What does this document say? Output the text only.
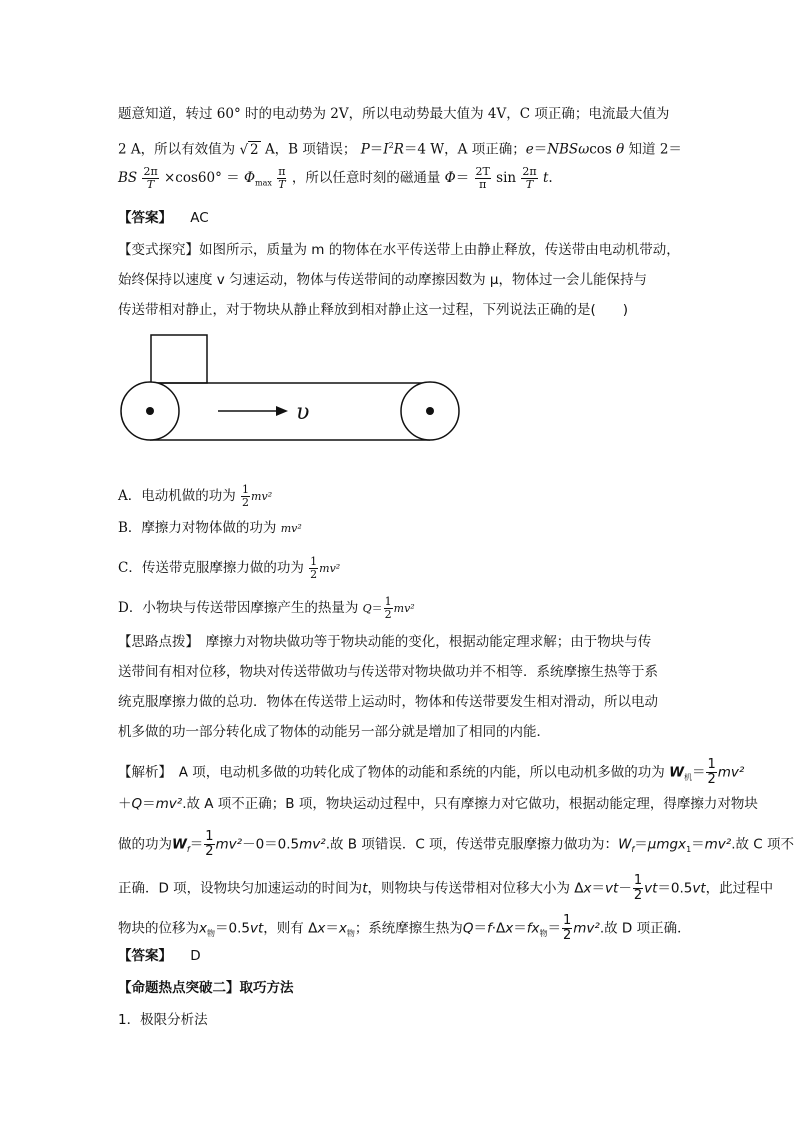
题意知道，转过 60° 时的电动势为 2V，所以电动势最大值为 4V，C 项正确；电流最大值为
2 A，所以有效值为 √ 2 A，B 项错误； $P=I^2R=4$ W，A 项正确；e＝NBSωcos θ 知道 2＝
BS $\frac{2\pi}{T} \times\cos 60^\circ = \Phi_{max} \frac{\pi}{T}$ ，所以任意时刻的磁通量 $\Phi= \frac{2T}{\pi}$ $\sin \frac{2\pi}{T} t$.
【答案】 AC
【变式探究】如图所示，质量为 m 的物体在水平传送带上由静止释放，传送带由电动机带动，
始终保持以速度 v 匀速运动，物体与传送带间的动摩擦因数为 μ，物体过一会儿能保持与
传送带相对静止，对于物块从静止释放到相对静止这一过程，下列说法正确的是(　　)
υ
A．电动机做的功为 $\frac{1}{2} mv^2$
B．摩擦力对物体做的功为 mv²
C．传送带克服摩擦力做的功为 $\frac{1}{2} mv^2$
D．小物块与传送带因摩擦产生的热量为 $Q= \frac{1}{2} mv^2$
【思路点拨】　摩擦力对物块做功等于物块动能的变化，根据动能定理求解；由于物块与传
送带间有相对位移，物块对传送带做功与传送带对物块做功并不相等．系统摩擦生热等于系
统克服摩擦力做的总功．物体在传送带上运动时，物体和传送带要发生相对滑动，所以电动
机多做的功一部分转化成了物体的动能另一部分就是增加了相同的内能．
【解析】　A 项，电动机多做的功转化成了物体的动能和系统的内能，所以电动机多做的功为 $W_机= \frac{1}{2} mv^2$
＋Q＝mv².故 A 项不正确；B 项，物块运动过程中，只有摩擦力对它做功，根据动能定理，得摩擦力对物块
做的功为$W_f= \frac{1}{2} mv^2-0=0.5mv^2$.故 B 项错误．C 项，传送带克服摩擦力做功为：$W_f=\mu mgx_1=mv^2$.故 C 项不
正确．D 项，设物块匀加速运动的时间为t，则物块与传送带相对位移大小为 $\Delta x=vt- \frac{1}{2} vt=0.5vt$，此过程中
物块的位移为$x_物=0.5vt$，则有 $\Delta x=x_物$；系统摩擦生热为$Q=f\cdot\Delta x=fx_物= \frac{1}{2} mv^2$.故 D 项正确．
【答案】 D
【命题热点突破二】取巧方法
1．极限分析法
